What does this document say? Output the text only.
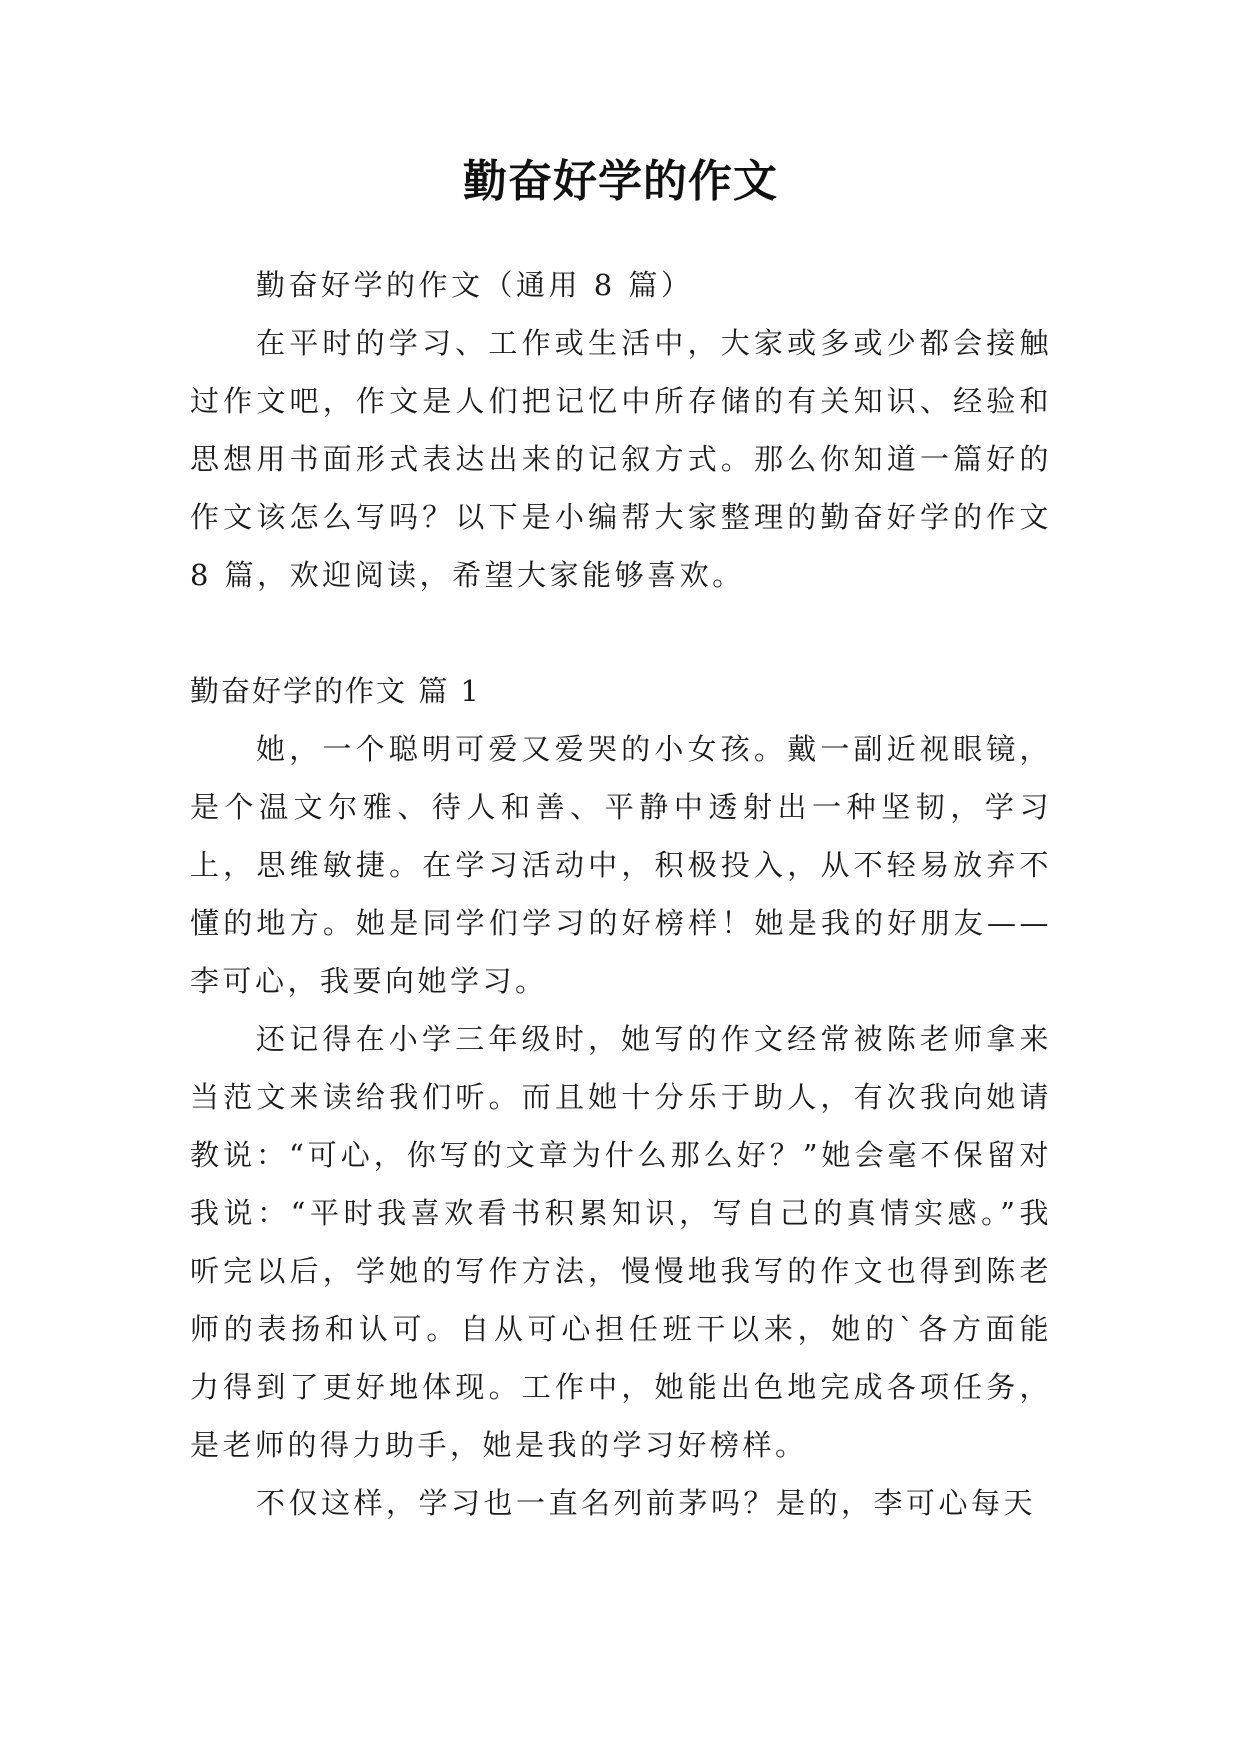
勤奋好学的作文

勤奋好学的作文（通用 8 篇）

在平时的学习、工作或生活中，大家或多或少都会接触过作文吧，作文是人们把记忆中所存储的有关知识、经验和思想用书面形式表达出来的记叙方式。那么你知道一篇好的作文该怎么写吗？以下是小编帮大家整理的勤奋好学的作文 8 篇，欢迎阅读，希望大家能够喜欢。

勤奋好学的作文 篇 1

她，一个聪明可爱又爱哭的小女孩。戴一副近视眼镜，是个温文尔雅、待人和善、平静中透射出一种坚韧，学习上，思维敏捷。在学习活动中，积极投入，从不轻易放弃不懂的地方。她是同学们学习的好榜样！她是我的好朋友——李可心，我要向她学习。

还记得在小学三年级时，她写的作文经常被陈老师拿来当范文来读给我们听。而且她十分乐于助人，有次我向她请教说：“可心，你写的文章为什么那么好？”她会毫不保留对我说：“平时我喜欢看书积累知识，写自己的真情实感。”我听完以后，学她的写作方法，慢慢地我写的作文也得到陈老师的表扬和认可。自从可心担任班干以来，她的`各方面能力得到了更好地体现。工作中，她能出色地完成各项任务，是老师的得力助手，她是我的学习好榜样。

不仅这样，学习也一直名列前茅吗？是的，李可心每天
